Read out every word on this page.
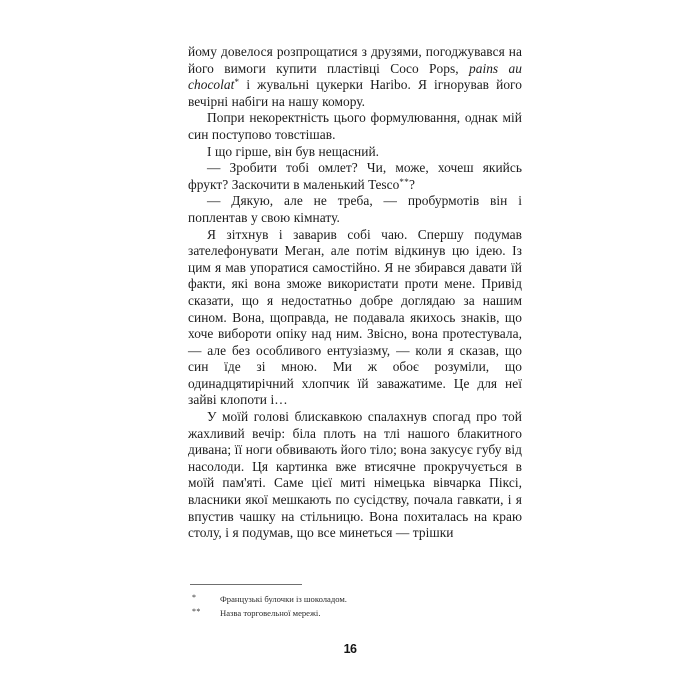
йому довелося розпрощатися з друзями, погоджувався на його вимоги купити пластівці Coco Pops, pains au chocolat* і жувальні цукерки Haribo. Я ігнорував його вечірні набіги на нашу комору.

Попри некоректність цього формулювання, однак мій син поступово товстішав.

І що гірше, він був нещасний.

— Зробити тобі омлет? Чи, може, хочеш якийсь фрукт? Заскочити в маленький Tesco**?

— Дякую, але не треба, — пробурмотів він і поплентав у свою кімнату.

Я зітхнув і заварив собі чаю. Спершу подумав зателефонувати Меган, але потім відкинув цю ідею. Із цим я мав упоратися самостійно. Я не збирався давати їй факти, які вона зможе використати проти мене. Привід сказати, що я недостатньо добре доглядаю за нашим сином. Вона, щоправда, не подавала якихось знаків, що хоче вибороти опіку над ним. Звісно, вона протестувала, — але без особливого ентузіазму, — коли я сказав, що син їде зі мною. Ми ж обоє розуміли, що одинадцятирічний хлопчик їй заважатиме. Це для неї зайві клопоти і…

У моїй голові блискавкою спалахнув спогад про той жахливий вечір: біла плоть на тлі нашого блакитного дивана; її ноги обвивають його тіло; вона закусує губу від насолоди. Ця картинка вже втисячне прокручується в моїй пам'яті. Саме цієї миті німецька вівчарка Піксі, власники якої мешкають по сусідству, почала гавкати, і я впустив чашку на стільницю. Вона похиталась на краю столу, і я подумав, що все минеться — трішки

*	Французькі булочки із шоколадом.
**	Назва торговельної мережі.
16
